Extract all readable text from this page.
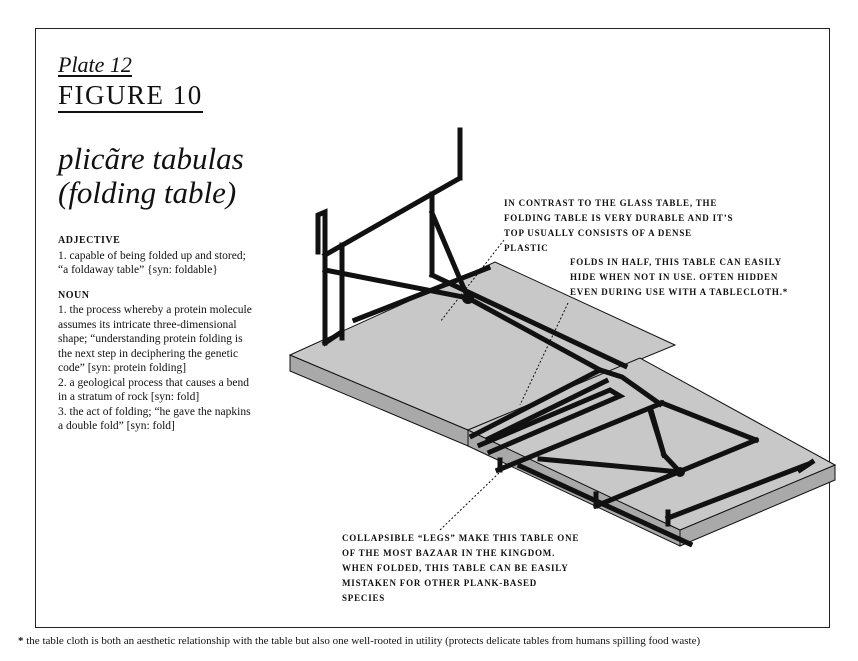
Plate 12
FIGURE 10
plicãre tabulas
(folding table)

ADJECTIVE

1. capable of being folded up and stored;

“a foldaway table” {syn: foldable}

NOUN

1. the process whereby a protein molecule

assumes its intricate three-dimensional

shape; “understanding protein folding is

the next step in deciphering the genetic

code” [syn: protein folding]

2. a geological process that causes a bend

in a stratum of rock [syn: fold]

3. the act of folding; “he gave the napkins

a double fold” [syn: fold]

IN CONTRAST TO THE GLASS TABLE, THE
FOLDING TABLE IS VERY DURABLE AND IT’S
TOP USUALLY CONSISTS OF A DENSE PLASTIC
FOLDS IN HALF, THIS TABLE CAN EASILY
HIDE WHEN NOT IN USE. OFTEN HIDDEN
EVEN DURING USE WITH A TABLECLOTH.*
COLLAPSIBLE “LEGS” MAKE THIS TABLE ONE
OF THE MOST BAZAAR IN THE KINGDOM.
WHEN FOLDED, THIS TABLE CAN BE EASILY
MISTAKEN FOR OTHER PLANK-BASED SPECIES
* the table cloth is both an aesthetic relationship with the table but also one well-rooted in utility (protects delicate tables from humans spilling food waste)
